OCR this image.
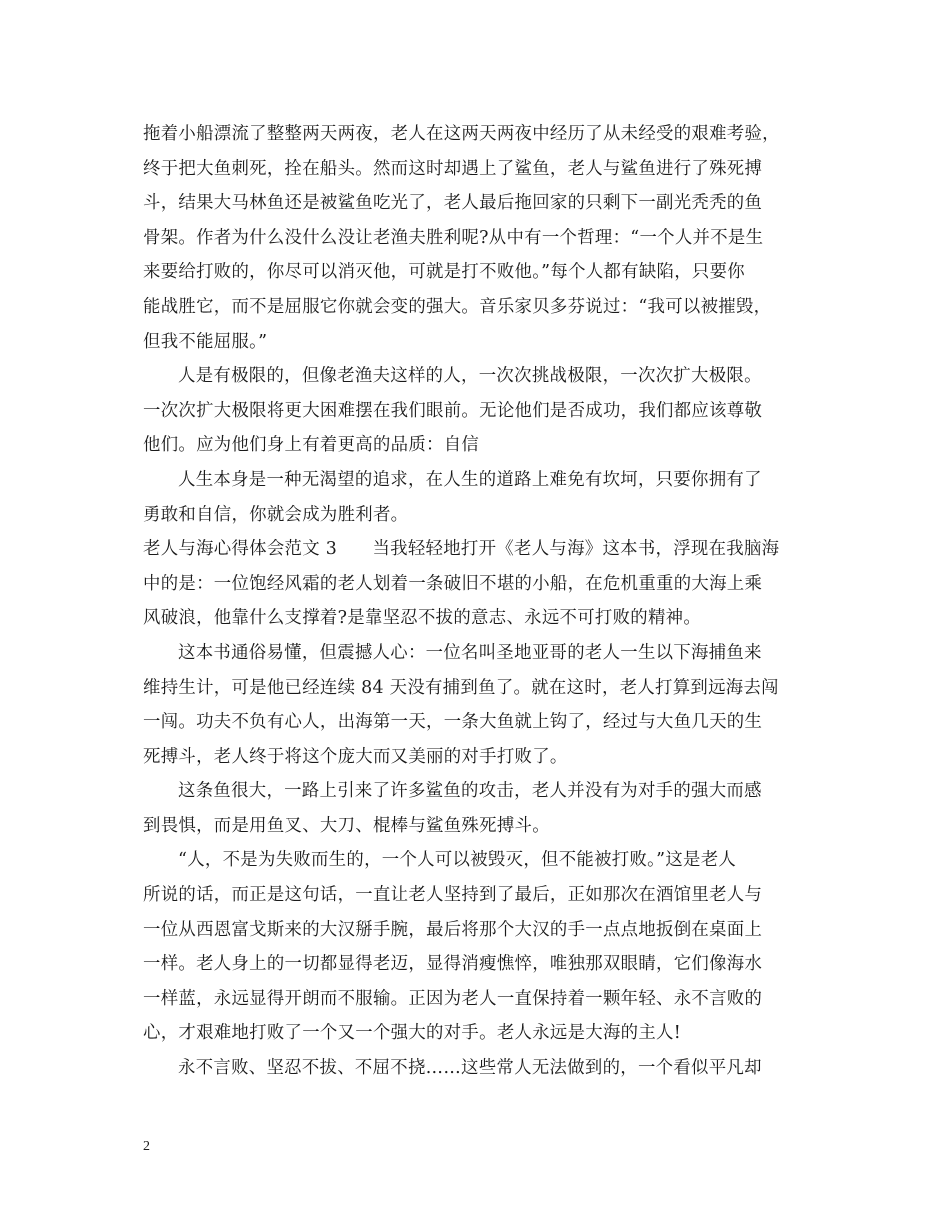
拖着小船漂流了整整两天两夜，老人在这两天两夜中经历了从未经受的艰难考验，
终于把大鱼刺死，拴在船头。然而这时却遇上了鲨鱼，老人与鲨鱼进行了殊死搏
斗，结果大马林鱼还是被鲨鱼吃光了，老人最后拖回家的只剩下一副光秃秃的鱼
骨架。作者为什么没什么没让老渔夫胜利呢?从中有一个哲理：“一个人并不是生
来要给打败的，你尽可以消灭他，可就是打不败他。”每个人都有缺陷，只要你
能战胜它，而不是屈服它你就会变的强大。音乐家贝多芬说过：“我可以被摧毁，
但我不能屈服。”
人是有极限的，但像老渔夫这样的人，一次次挑战极限，一次次扩大极限。
一次次扩大极限将更大困难摆在我们眼前。无论他们是否成功，我们都应该尊敬
他们。应为他们身上有着更高的品质：自信
人生本身是一种无渴望的追求，在人生的道路上难免有坎坷，只要你拥有了
勇敢和自信，你就会成为胜利者。
老人与海心得体会范文 3　　当我轻轻地打开《老人与海》这本书，浮现在我脑海
中的是：一位饱经风霜的老人划着一条破旧不堪的小船，在危机重重的大海上乘
风破浪，他靠什么支撑着?是靠坚忍不拔的意志、永远不可打败的精神。
这本书通俗易懂，但震撼人心：一位名叫圣地亚哥的老人一生以下海捕鱼来
维持生计，可是他已经连续 84 天没有捕到鱼了。就在这时，老人打算到远海去闯
一闯。功夫不负有心人，出海第一天，一条大鱼就上钩了，经过与大鱼几天的生
死搏斗，老人终于将这个庞大而又美丽的对手打败了。
这条鱼很大，一路上引来了许多鲨鱼的攻击，老人并没有为对手的强大而感
到畏惧，而是用鱼叉、大刀、棍棒与鲨鱼殊死搏斗。
“人，不是为失败而生的，一个人可以被毁灭，但不能被打败。”这是老人
所说的话，而正是这句话，一直让老人坚持到了最后，正如那次在酒馆里老人与
一位从西恩富戈斯来的大汉掰手腕，最后将那个大汉的手一点点地扳倒在桌面上
一样。老人身上的一切都显得老迈，显得消瘦憔悴，唯独那双眼睛，它们像海水
一样蓝，永远显得开朗而不服输。正因为老人一直保持着一颗年轻、永不言败的
心，才艰难地打败了一个又一个强大的对手。老人永远是大海的主人!
永不言败、坚忍不拔、不屈不挠……这些常人无法做到的，一个看似平凡却
2
